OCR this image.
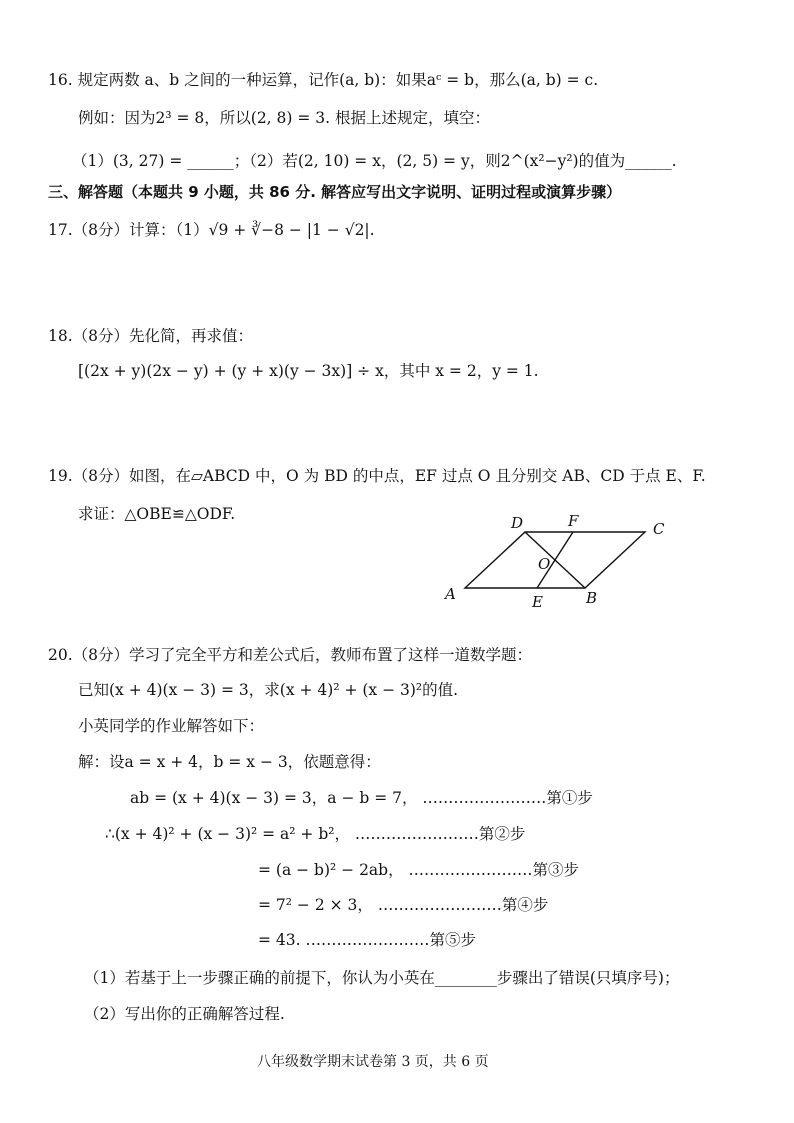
16. 规定两数 a、b 之间的一种运算，记作(a, b)：如果aᶜ = b，那么(a, b) = c.
例如：因为2³ = 8，所以(2, 8) = 3. 根据上述规定，填空：
（1）(3, 27) = ______；（2）若(2, 10) = x，(2, 5) = y，则2^(x²−y²)的值为______.
三、解答题（本题共 9 小题，共 86 分. 解答应写出文字说明、证明过程或演算步骤）
17.（8分）计算：（1）√9 + ∛−8 − |1 − √2|.
18.（8分）先化简，再求值：
[(2x + y)(2x − y) + (y + x)(y − 3x)] ÷ x，其中 x = 2，y = 1.
19.（8分）如图，在▱ABCD 中，O 为 BD 的中点，EF 过点 O 且分别交 AB、CD 于点 E、F.
求证：△OBE≌△ODF.
A	B
C
D
E
F
O
20.（8分）学习了完全平方和差公式后，教师布置了这样一道数学题：
已知(x + 4)(x − 3) = 3，求(x + 4)² + (x − 3)²的值.
小英同学的作业解答如下：
解：设a = x + 4，b = x − 3，依题意得：
ab = (x + 4)(x − 3) = 3，a − b = 7， ……………………第①步
∴(x + 4)² + (x − 3)² = a² + b²， ……………………第②步
= (a − b)² − 2ab， ……………………第③步
= 7² − 2 × 3， ……………………第④步
= 43. ……………………第⑤步
（1）若基于上一步骤正确的前提下，你认为小英在________步骤出了错误(只填序号)；
（2）写出你的正确解答过程.
八年级数学期末试卷第 3 页，共 6 页
